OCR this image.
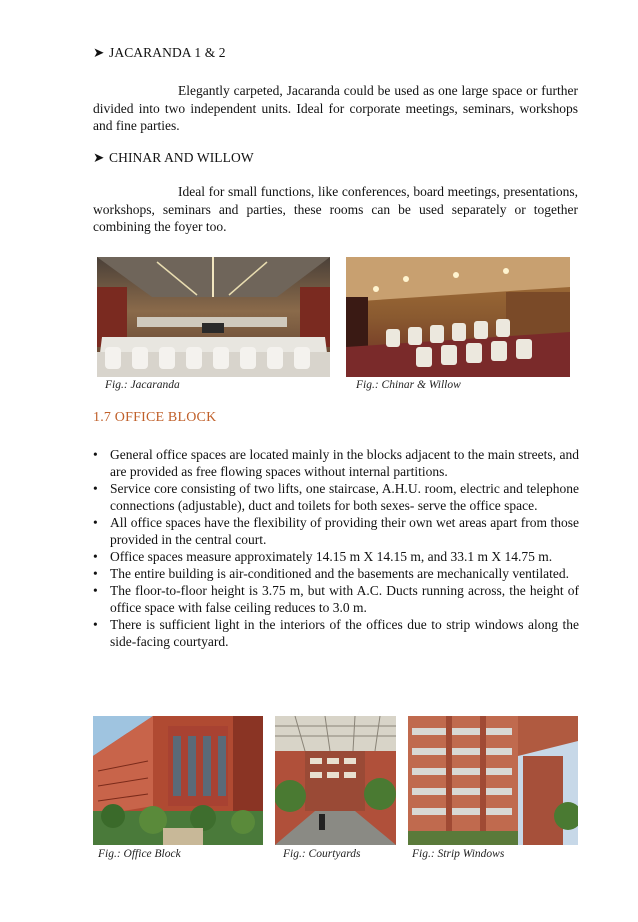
➤ JACARANDA 1 & 2
Elegantly carpeted, Jacaranda could be used as one large space or further divided into two independent units. Ideal for corporate meetings, seminars, workshops and fine parties.
➤ CHINAR AND WILLOW
Ideal for small functions, like conferences, board meetings, presentations, workshops, seminars and parties, these rooms can be used separately or together combining the foyer too.
Fig.: Jacaranda	Fig.: Chinar & Willow
1.7 OFFICE BLOCK
• General office spaces are located mainly in the blocks adjacent to the main streets, and are provided as free flowing spaces without internal partitions.
• Service core consisting of two lifts, one staircase, A.H.U. room, electric and telephone connections (adjustable), duct and toilets for both sexes- serve the office space.
• All office spaces have the flexibility of providing their own wet areas apart from those provided in the central court.
• Office spaces measure approximately 14.15 m X 14.15 m, and 33.1 m X 14.75 m.
• The entire building is air-conditioned and the basements are mechanically ventilated.
• The floor-to-floor height is 3.75 m, but with A.C. Ducts running across, the height of office space with false ceiling reduces to 3.0 m.
• There is sufficient light in the interiors of the offices due to strip windows along the side-facing courtyard.
Fig.: Office Block	Fig.: Courtyards	Fig.: Strip Windows
